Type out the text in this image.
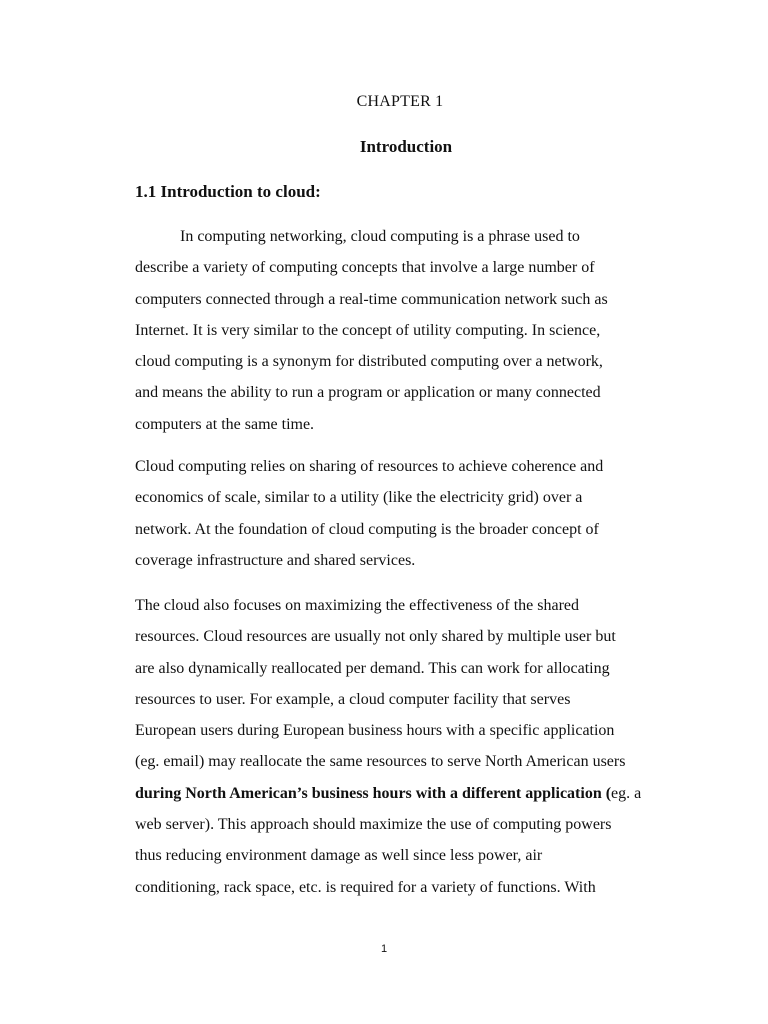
CHAPTER 1
Introduction
1.1 Introduction to cloud:

In computing networking, cloud computing is a phrase used to
describe a variety of computing concepts that involve a large number of
computers connected through a real-time communication network such as
Internet. It is very similar to the concept of utility computing. In science,
cloud computing is a synonym for distributed computing over a network,
and means the ability to run a program or application or many connected
computers at the same time.

Cloud computing relies on sharing of resources to achieve coherence and
economics of scale, similar to a utility (like the electricity grid) over a
network. At the foundation of cloud computing is the broader concept of
coverage infrastructure and shared services.

The cloud also focuses on maximizing the effectiveness of the shared
resources. Cloud resources are usually not only shared by multiple user but
are also dynamically reallocated per demand. This can work for allocating
resources to user. For example, a cloud computer facility that serves
European users during European business hours with a specific application
(eg. email) may reallocate the same resources to serve North American users
during North American’s business hours with a different application (eg. a
web server). This approach should maximize the use of computing powers
thus reducing environment damage as well since less power, air
conditioning, rack space, etc. is required for a variety of functions. With

1
